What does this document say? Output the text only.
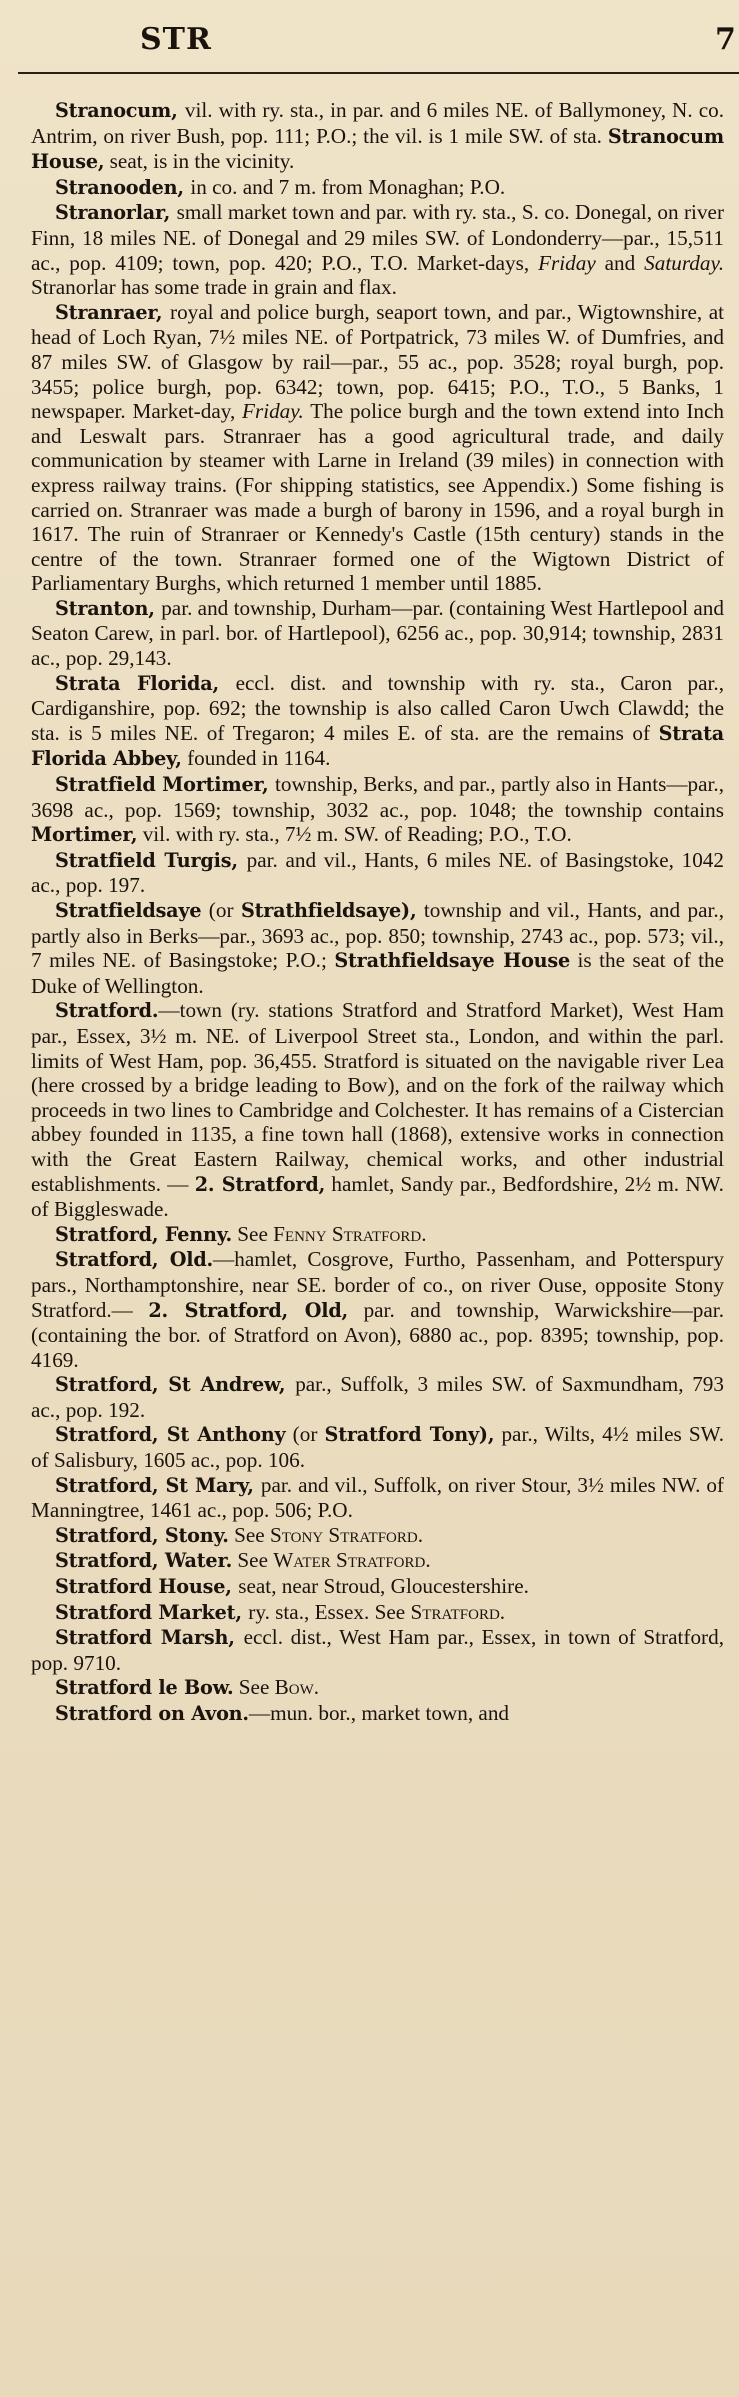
STR	7

Stranocum, vil. with ry. sta., in par. and 6 miles NE. of Ballymoney, N. co. Antrim, on river Bush, pop. 111; P.O.; the vil. is 1 mile SW. of sta. Stranocum House, seat, is in the vicinity.

Stranooden, in co. and 7 m. from Monaghan; P.O.

Stranorlar, small market town and par. with ry. sta., S. co. Donegal, on river Finn, 18 miles NE. of Donegal and 29 miles SW. of Londonderry—par., 15,511 ac., pop. 4109; town, pop. 420; P.O., T.O. Market-days, Friday and Saturday. Stranorlar has some trade in grain and flax.

Stranraer, royal and police burgh, seaport town, and par., Wigtownshire, at head of Loch Ryan, 7½ miles NE. of Portpatrick, 73 miles W. of Dumfries, and 87 miles SW. of Glasgow by rail—par., 55 ac., pop. 3528; royal burgh, pop. 3455; police burgh, pop. 6342; town, pop. 6415; P.O., T.O., 5 Banks, 1 newspaper. Market-day, Friday. The police burgh and the town extend into Inch and Leswalt pars. Stranraer has a good agricultural trade, and daily communication by steamer with Larne in Ireland (39 miles) in connection with express railway trains. (For shipping statistics, see Appendix.) Some fishing is carried on. Stranraer was made a burgh of barony in 1596, and a royal burgh in 1617. The ruin of Stranraer or Kennedy's Castle (15th century) stands in the centre of the town. Stranraer formed one of the Wigtown District of Parliamentary Burghs, which returned 1 member until 1885.

Stranton, par. and township, Durham—par. (containing West Hartlepool and Seaton Carew, in parl. bor. of Hartlepool), 6256 ac., pop. 30,914; township, 2831 ac., pop. 29,143.

Strata Florida, eccl. dist. and township with ry. sta., Caron par., Cardiganshire, pop. 692; the township is also called Caron Uwch Clawdd; the sta. is 5 miles NE. of Tregaron; 4 miles E. of sta. are the remains of Strata Florida Abbey, founded in 1164.

Stratfield Mortimer, township, Berks, and par., partly also in Hants—par., 3698 ac., pop. 1569; township, 3032 ac., pop. 1048; the township contains Mortimer, vil. with ry. sta., 7½ m. SW. of Reading; P.O., T.O.

Stratfield Turgis, par. and vil., Hants, 6 miles NE. of Basingstoke, 1042 ac., pop. 197.

Stratfieldsaye (or Strathfieldsaye), township and vil., Hants, and par., partly also in Berks—par., 3693 ac., pop. 850; township, 2743 ac., pop. 573; vil., 7 miles NE. of Basingstoke; P.O.; Strathfieldsaye House is the seat of the Duke of Wellington.

Stratford.—town (ry. stations Stratford and Stratford Market), West Ham par., Essex, 3½ m. NE. of Liverpool Street sta., London, and within the parl. limits of West Ham, pop. 36,455. Stratford is situated on the navigable river Lea (here crossed by a bridge leading to Bow), and on the fork of the railway which proceeds in two lines to Cambridge and Colchester. It has remains of a Cistercian abbey founded in 1135, a fine town hall (1868), extensive works in connection with the Great Eastern Railway, chemical works, and other industrial establishments. — 2. Stratford, hamlet, Sandy par., Bedfordshire, 2½ m. NW. of Biggleswade.

Stratford, Fenny. See Fenny Stratford.

Stratford, Old.—hamlet, Cosgrove, Furtho, Passenham, and Potterspury pars., Northamptonshire, near SE. border of co., on river Ouse, opposite Stony Stratford.— 2. Stratford, Old, par. and township, Warwickshire—par. (containing the bor. of Stratford on Avon), 6880 ac., pop. 8395; township, pop. 4169.

Stratford, St Andrew, par., Suffolk, 3 miles SW. of Saxmundham, 793 ac., pop. 192.

Stratford, St Anthony (or Stratford Tony), par., Wilts, 4½ miles SW. of Salisbury, 1605 ac., pop. 106.

Stratford, St Mary, par. and vil., Suffolk, on river Stour, 3½ miles NW. of Manningtree, 1461 ac., pop. 506; P.O.

Stratford, Stony. See Stony Stratford.

Stratford, Water. See Water Stratford.

Stratford House, seat, near Stroud, Gloucestershire.

Stratford Market, ry. sta., Essex. See Stratford.

Stratford Marsh, eccl. dist., West Ham par., Essex, in town of Stratford, pop. 9710.

Stratford le Bow. See Bow.

Stratford on Avon.—mun. bor., market town, and
